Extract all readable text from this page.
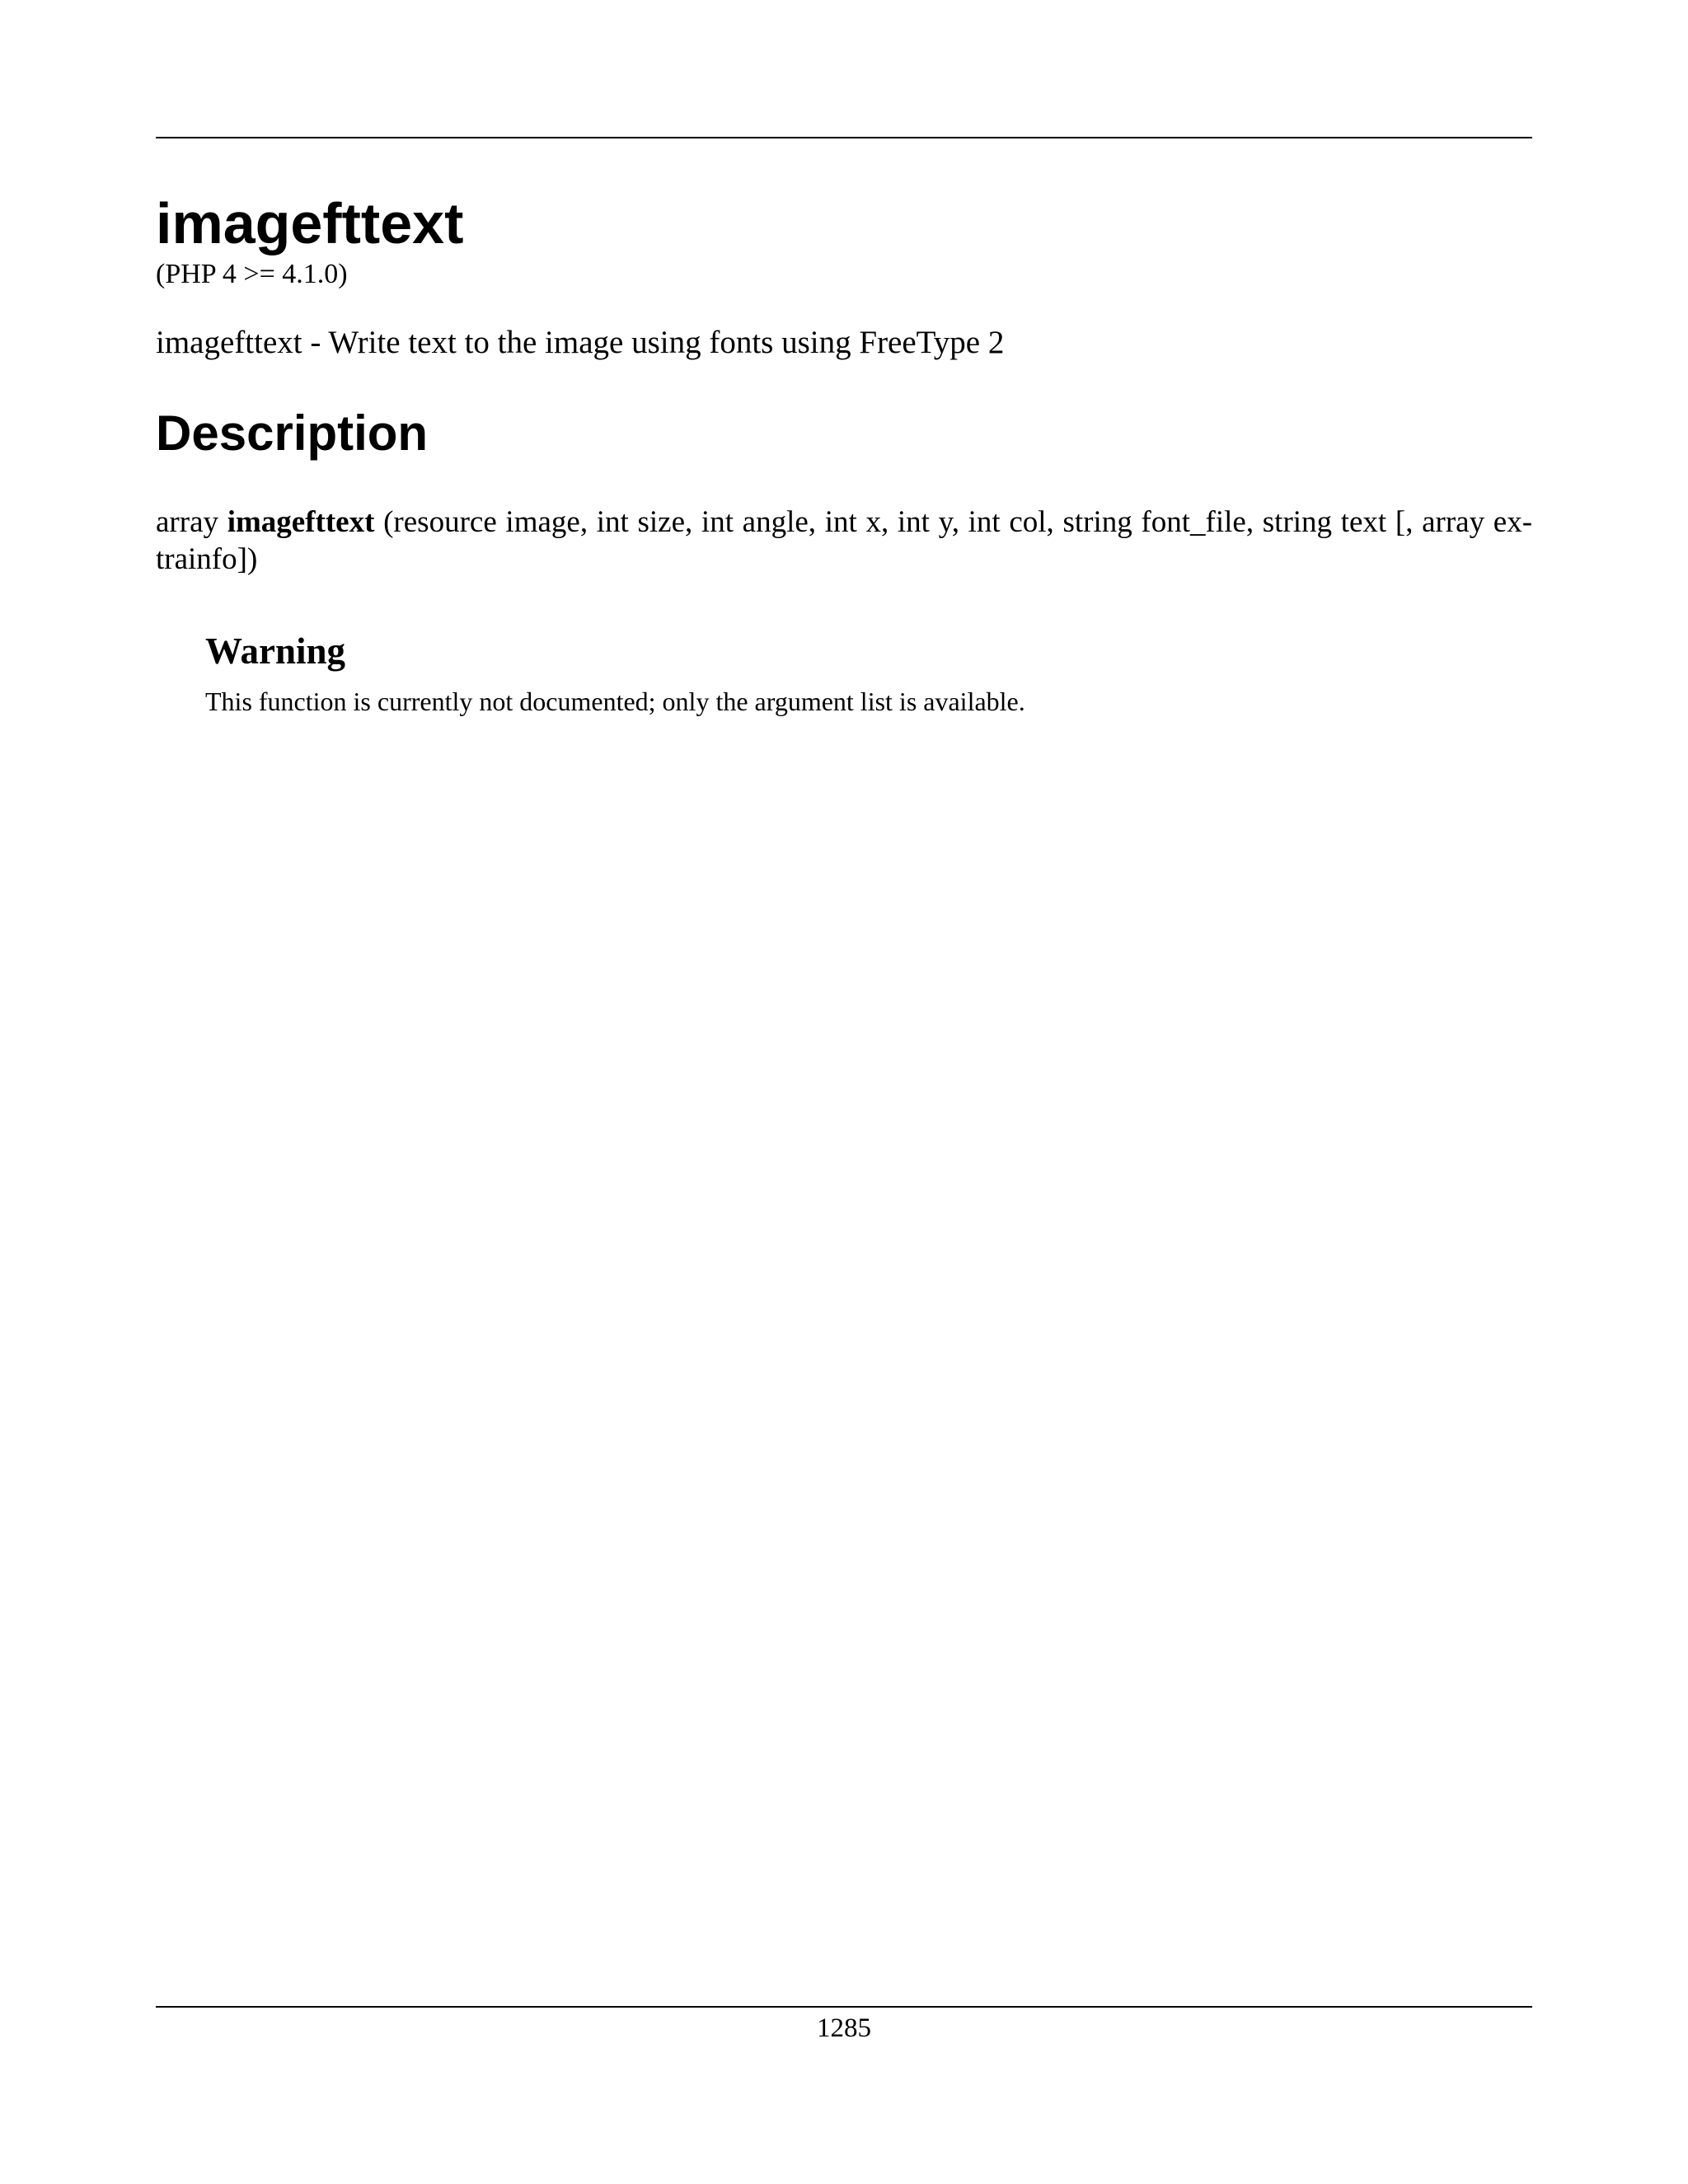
imagefttext
(PHP 4 >= 4.1.0)
imagefttext - Write text to the image using fonts using FreeType 2
Description
array imagefttext (resource image, int size, int angle, int x, int y, int col, string font_file, string text [, array ex-trainfo])
Warning

This function is currently not documented; only the argument list is available.

1285
